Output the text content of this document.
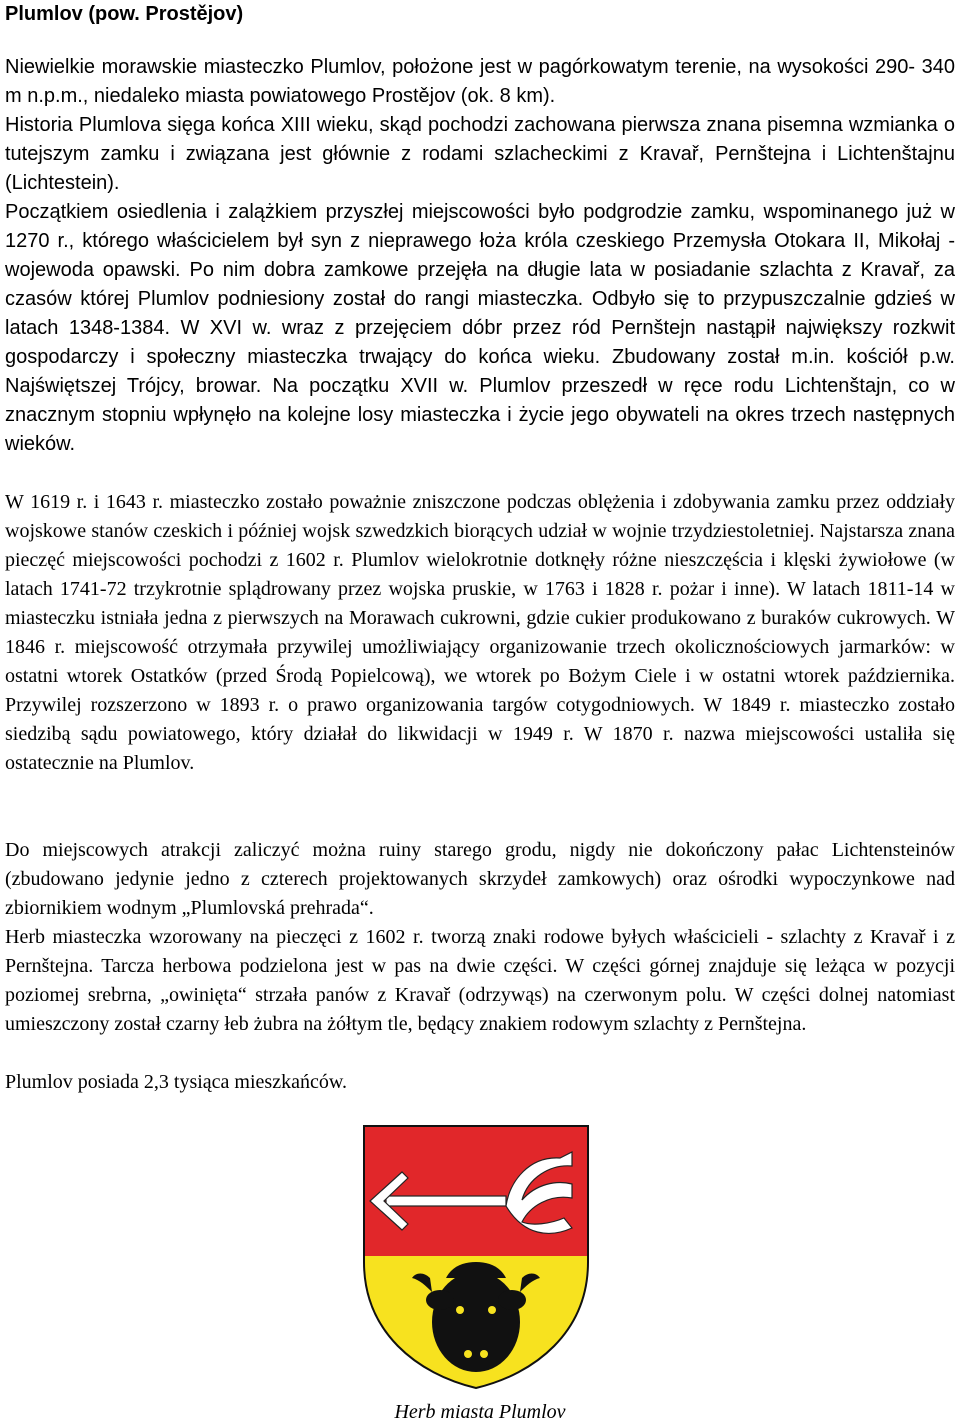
Plumlov (pow. Prostějov)

Niewielkie morawskie miasteczko Plumlov, położone jest w pagórkowatym terenie, na wysokości 290- 340 m n.p.m., niedaleko miasta powiatowego Prostějov (ok. 8 km).

Historia Plumlova sięga końca XIII wieku, skąd pochodzi zachowana pierwsza znana pisemna wzmianka o tutejszym zamku i związana jest głównie z rodami szlacheckimi z Kravař, Pernštejna i Lichtenštajnu (Lichtestein).

Początkiem osiedlenia i zalążkiem przyszłej miejscowości było podgrodzie zamku, wspominanego już w 1270 r., którego właścicielem był syn z nieprawego łoża króla czeskiego Przemysła Otokara II, Mikołaj - wojewoda opawski. Po nim dobra zamkowe przejęła na długie lata w posiadanie szlachta z Kravař, za czasów której Plumlov podniesiony został do rangi miasteczka. Odbyło się to przypuszczalnie gdzieś w latach 1348-1384. W XVI w. wraz z przejęciem dóbr przez ród Pernštejn nastąpił największy rozkwit gospodarczy i społeczny miasteczka trwający do końca wieku. Zbudowany został m.in. kościół p.w. Najświętszej Trójcy, browar. Na początku XVII w. Plumlov przeszedł w ręce rodu Lichtenštajn, co w znacznym stopniu wpłynęło na kolejne losy miasteczka i życie jego obywateli na okres trzech następnych wieków.

W 1619 r. i 1643 r. miasteczko zostało poważnie zniszczone podczas oblężenia i zdobywania zamku przez oddziały wojskowe stanów czeskich i później wojsk szwedzkich biorących udział w wojnie trzydziestoletniej. Najstarsza znana pieczęć miejscowości pochodzi z 1602 r. Plumlov wielokrotnie dotknęły różne nieszczęścia i klęski żywiołowe (w latach 1741-72 trzykrotnie splądrowany przez wojska pruskie, w 1763 i 1828 r. pożar i inne). W latach 1811-14 w miasteczku istniała jedna z pierwszych na Morawach cukrowni, gdzie cukier produkowano z buraków cukrowych. W 1846 r. miejscowość otrzymała przywilej umożliwiający organizowanie trzech okolicznościowych jarmarków: w ostatni wtorek Ostatków (przed Środą Popielcową), we wtorek po Bożym Ciele i w ostatni wtorek października. Przywilej rozszerzono w 1893 r. o prawo organizowania targów cotygodniowych. W 1849 r. miasteczko zostało siedzibą sądu powiatowego, który działał do likwidacji w 1949 r. W 1870 r. nazwa miejscowości ustaliła się ostatecznie na Plumlov.

Do miejscowych atrakcji zaliczyć można ruiny starego grodu, nigdy nie dokończony pałac Lichtensteinów (zbudowano jedynie jedno z czterech projektowanych skrzydeł zamkowych) oraz ośrodki wypoczynkowe nad zbiornikiem wodnym „Plumlovská prehrada“.

Herb miasteczka wzorowany na pieczęci z 1602 r. tworzą znaki rodowe byłych właścicieli - szlachty z Kravař i z Pernštejna. Tarcza herbowa podzielona jest w pas na dwie części. W części górnej znajduje się leżąca w pozycji poziomej srebrna, „owinięta“ strzała panów z Kravař (odrzywąs) na czerwonym polu. W części dolnej natomiast umieszczony został czarny łeb żubra na żółtym tle, będący znakiem rodowym szlachty z Pernštejna.

Plumlov posiada 2,3 tysiąca mieszkańców.

Herb miasta Plumlov
